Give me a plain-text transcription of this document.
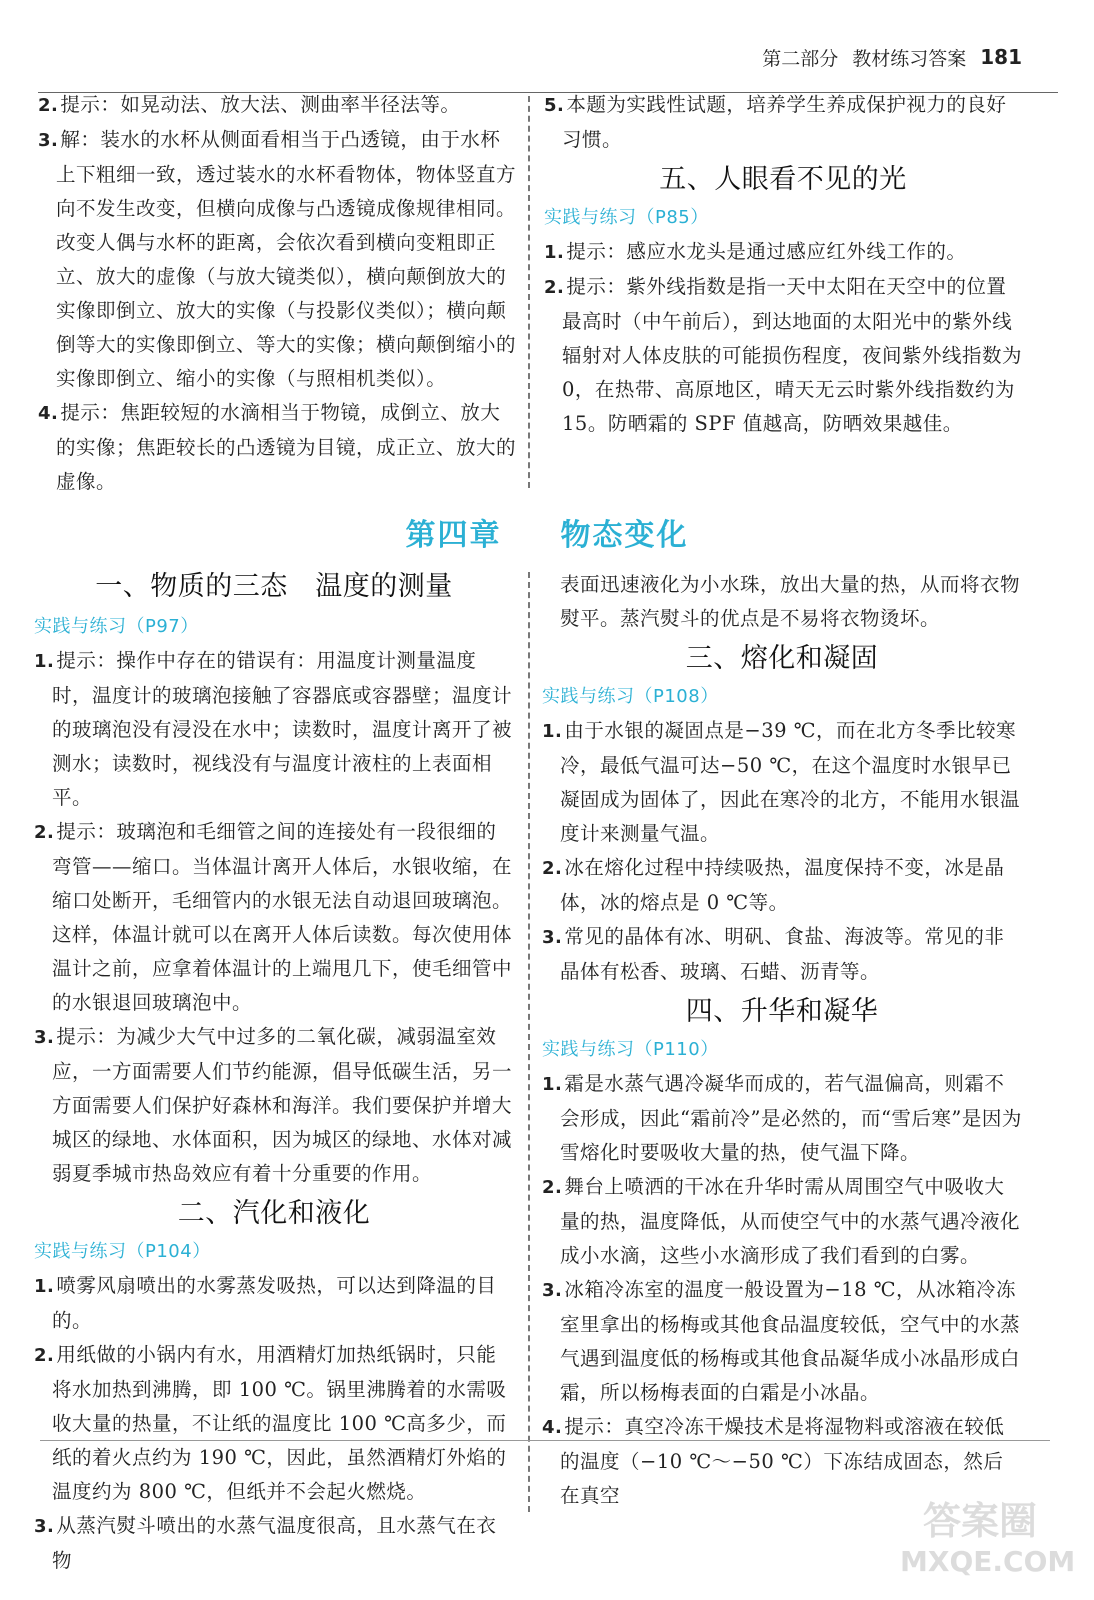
第二部分 教材练习答案 181

2. 提示：如晃动法、放大法、测曲率半径法等。

3. 解：装水的水杯从侧面看相当于凸透镜，由于水杯上下粗细一致，透过装水的水杯看物体，物体竖直方向不发生改变，但横向成像与凸透镜成像规律相同。改变人偶与水杯的距离，会依次看到横向变粗即正立、放大的虚像（与放大镜类似），横向颠倒放大的实像即倒立、放大的实像（与投影仪类似）；横向颠倒等大的实像即倒立、等大的实像；横向颠倒缩小的实像即倒立、缩小的实像（与照相机类似）。

4. 提示：焦距较短的水滴相当于物镜，成倒立、放大的实像；焦距较长的凸透镜为目镜，成正立、放大的虚像。

5. 本题为实践性试题，培养学生养成保护视力的良好习惯。

五、人眼看不见的光

实践与练习（P85）

1. 提示：感应水龙头是通过感应红外线工作的。

2. 提示：紫外线指数是指一天中太阳在天空中的位置最高时（中午前后），到达地面的太阳光中的紫外线辐射对人体皮肤的可能损伤程度，夜间紫外线指数为 0，在热带、高原地区，晴天无云时紫外线指数约为 15。防晒霜的 SPF 值越高，防晒效果越佳。

第四章 物态变化

一、物质的三态　温度的测量

实践与练习（P97）

1. 提示：操作中存在的错误有：用温度计测量温度时，温度计的玻璃泡接触了容器底或容器壁；温度计的玻璃泡没有浸没在水中；读数时，温度计离开了被测水；读数时，视线没有与温度计液柱的上表面相平。

2. 提示：玻璃泡和毛细管之间的连接处有一段很细的弯管——缩口。当体温计离开人体后，水银收缩，在缩口处断开，毛细管内的水银无法自动退回玻璃泡。这样，体温计就可以在离开人体后读数。每次使用体温计之前，应拿着体温计的上端甩几下，使毛细管中的水银退回玻璃泡中。

3. 提示：为减少大气中过多的二氧化碳，减弱温室效应，一方面需要人们节约能源，倡导低碳生活，另一方面需要人们保护好森林和海洋。我们要保护并增大城区的绿地、水体面积，因为城区的绿地、水体对减弱夏季城市热岛效应有着十分重要的作用。

二、汽化和液化

实践与练习（P104）

1. 喷雾风扇喷出的水雾蒸发吸热，可以达到降温的目的。

2. 用纸做的小锅内有水，用酒精灯加热纸锅时，只能将水加热到沸腾，即 100 ℃。锅里沸腾着的水需吸收大量的热量，不让纸的温度比 100 ℃高多少，而纸的着火点约为 190 ℃，因此，虽然酒精灯外焰的温度约为 800 ℃，但纸并不会起火燃烧。

3. 从蒸汽熨斗喷出的水蒸气温度很高，且水蒸气在衣物

表面迅速液化为小水珠，放出大量的热，从而将衣物熨平。蒸汽熨斗的优点是不易将衣物烫坏。

三、熔化和凝固

实践与练习（P108）

1. 由于水银的凝固点是−39 ℃，而在北方冬季比较寒冷，最低气温可达−50 ℃，在这个温度时水银早已凝固成为固体了，因此在寒冷的北方，不能用水银温度计来测量气温。

2. 冰在熔化过程中持续吸热，温度保持不变，冰是晶体，冰的熔点是 0 ℃等。

3. 常见的晶体有冰、明矾、食盐、海波等。常见的非晶体有松香、玻璃、石蜡、沥青等。

四、升华和凝华

实践与练习（P110）

1. 霜是水蒸气遇冷凝华而成的，若气温偏高，则霜不会形成，因此“霜前冷”是必然的，而“雪后寒”是因为雪熔化时要吸收大量的热，使气温下降。

2. 舞台上喷洒的干冰在升华时需从周围空气中吸收大量的热，温度降低，从而使空气中的水蒸气遇冷液化成小水滴，这些小水滴形成了我们看到的白雾。

3. 冰箱冷冻室的温度一般设置为−18 ℃，从冰箱冷冻室里拿出的杨梅或其他食品温度较低，空气中的水蒸气遇到温度低的杨梅或其他食品凝华成小冰晶形成白霜，所以杨梅表面的白霜是小冰晶。

4. 提示：真空冷冻干燥技术是将湿物料或溶液在较低的温度（−10 ℃～−50 ℃）下冻结成固态，然后在真空

答案圈
MXQE.COM
